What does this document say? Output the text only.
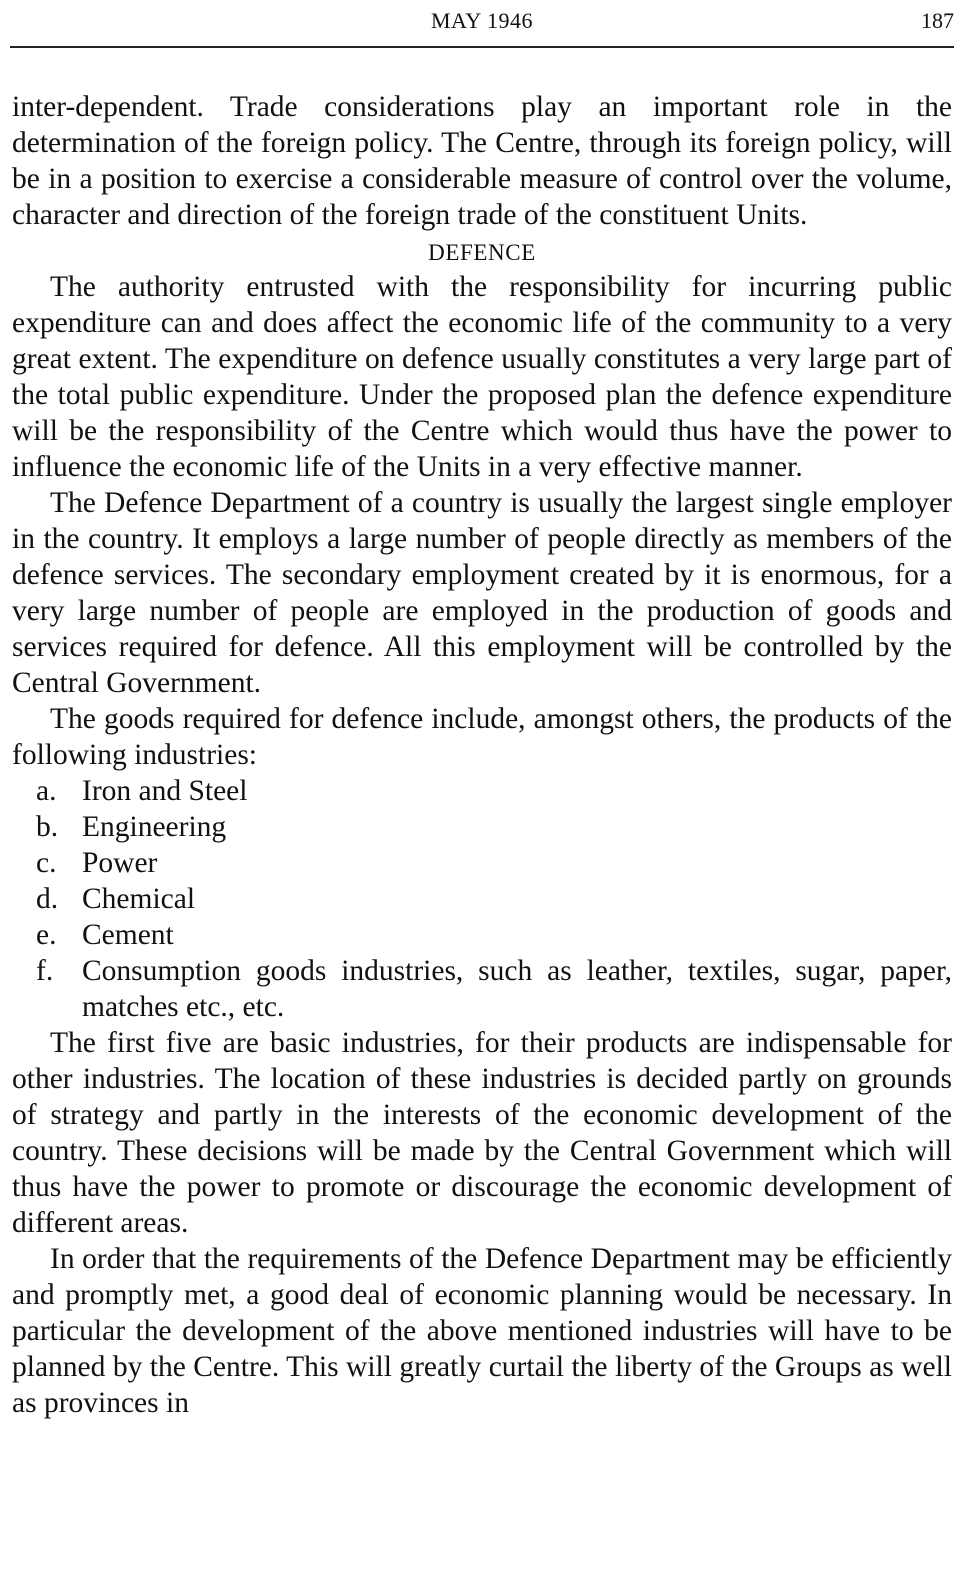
MAY 1946	187

inter-dependent. Trade considerations play an important role in the determination of the foreign policy. The Centre, through its foreign policy, will be in a position to exercise a considerable measure of control over the volume, character and direction of the foreign trade of the constituent Units.

DEFENCE

The authority entrusted with the responsibility for incurring public expenditure can and does affect the economic life of the community to a very great extent. The expenditure on defence usually constitutes a very large part of the total public expenditure. Under the proposed plan the defence expenditure will be the responsibility of the Centre which would thus have the power to influence the economic life of the Units in a very effective manner.

The Defence Department of a country is usually the largest single employer in the country. It employs a large number of people directly as members of the defence services. The secondary employment created by it is enormous, for a very large number of people are employed in the production of goods and services required for defence. All this employment will be controlled by the Central Government.

The goods required for defence include, amongst others, the products of the following industries:

a. Iron and Steel
b. Engineering
c. Power
d. Chemical
e. Cement
f. Consumption goods industries, such as leather, textiles, sugar, paper, matches etc., etc.

The first five are basic industries, for their products are indispensable for other industries. The location of these industries is decided partly on grounds of strategy and partly in the interests of the economic development of the country. These decisions will be made by the Central Government which will thus have the power to promote or discourage the economic development of different areas.

In order that the requirements of the Defence Department may be efficiently and promptly met, a good deal of economic planning would be necessary. In particular the development of the above mentioned industries will have to be planned by the Centre. This will greatly curtail the liberty of the Groups as well as provinces in
